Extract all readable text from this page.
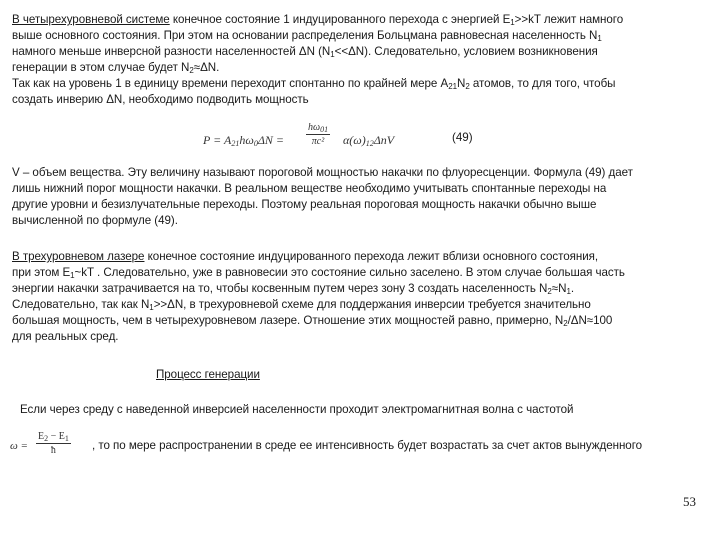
В четырехуровневой системе конечное состояние 1 индуцированного перехода с энергией $E_1>>kT$ лежит намного
выше основного состояния. При этом на основании распределения Больцмана равновесная населенность $N_1$
намного меньше инверсной разности населенностей ΔN $(N_1<<\Delta N)$. Следовательно, условием возникновения
генерации в этом случае будет $N_2\approx\Delta N$.
Так как на уровень 1 в единицу времени переходит спонтанно по крайней мере $A_{21}N_2$ атомов, то для того, чтобы
создать инверию ΔN, необходимо подводить мощность
$P = A_{21}h\omega_0\Delta N = \frac{h\omega_{01}}{\text{πc²}} \alpha(\omega)_{12}\Delta nV$	(49)
V – объем вещества. Эту величину называют пороговой мощностью накачки по флуоресценции. Формула (49) дает
лишь нижний порог мощности накачки. В реальном веществе необходимо учитывать спонтанные переходы на
другие уровни и безизлучательные переходы. Поэтому реальная пороговая мощность накачки обычно выше
вычисленной по формуле (49).
В трехуровневом лазере конечное состояние индуцированного перехода лежит вблизи основного состояния,
при этом $E_1\sim kT$ . Следовательно, уже в равновесии это состояние сильно заселено. В этом случае большая часть
энергии накачки затрачивается на то, чтобы косвенным путем через зону 3 создать населенность $N_2\approx N_1$.
Следовательно, так как $N_1>>\Delta N$, в трехуровневой схеме для поддержания инверсии требуется значительно
большая мощность, чем в четырехуровневом лазере. Отношение этих мощностей равно, примерно, $N_2/\Delta N\approx 100$
для реальных сред.
Процесс генерации
Если через среду с наведенной инверсией населенности проходит электромагнитная волна с частотой
$\omega = \frac{E_2 - E_1}{ħ}$ , то по мере распространении в среде ее интенсивность будет возрастать за счет актов вынужденного
53
